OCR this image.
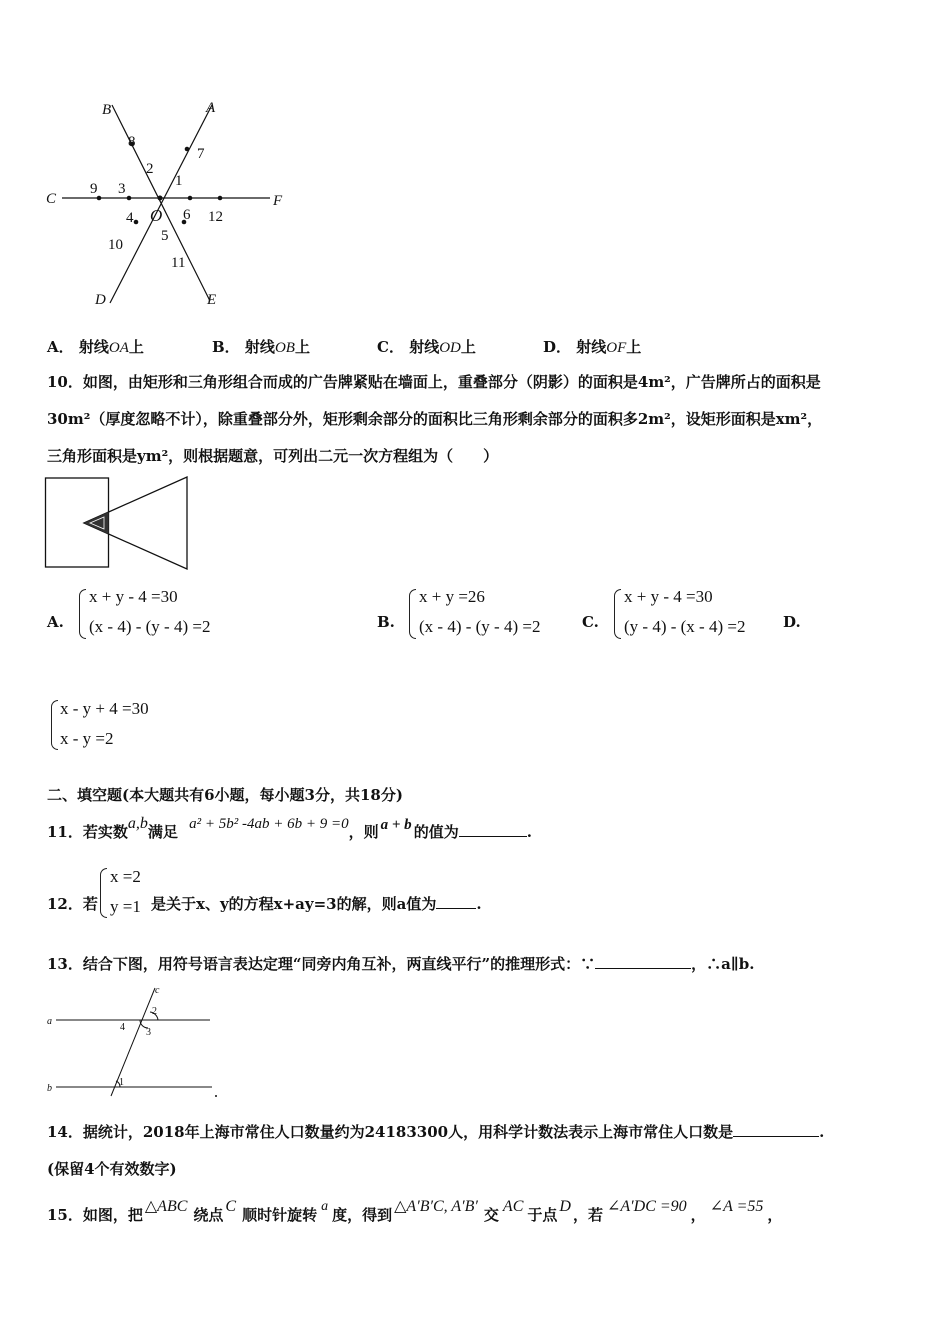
B	A
C	F
D	E
O
1
2
3
4
5
6
7
8
9
10
11
12
A． 射线OA上	B． 射线OB上	C． 射线OD上	D． 射线OF上
10．如图，由矩形和三角形组合而成的广告牌紧贴在墙面上，重叠部分（阴影）的面积是4m²，广告牌所占的面积是
30m²（厚度忽略不计），除重叠部分外，矩形剩余部分的面积比三角形剩余部分的面积多2m²，设矩形面积是xm²，
三角形面积是ym²，则根据题意，可列出二元一次方程组为（　　）
A.
x + y - 4 =30
(x - 4) - (y - 4) =2	B.
x + y =26
(x - 4) - (y - 4) =2	C.
x + y - 4 =30
(y - 4) - (x - 4) =2	D.
x - y + 4 =30
x - y =2
二、填空题(本大题共有6小题，每小题3分，共18分)
11．若实数a,b满足 a² + 5b² -4ab + 6b + 9 =0，则 a + b 的值为	.
12．若
x =2
y =1 是关于x、y的方程x+ay=3的解，则a值为	.
13．结合下图，用符号语言表达定理“同旁内角互补，两直线平行”的推理形式：∵	，∴a∥b.
a
b
c
1
2
3
4
14．据统计，2018年上海市常住人口数量约为24183300人，用科学计数法表示上海市常住人口数是	.
(保留4个有效数字)
15．如图，把 △ABC 绕点 C 顺时针旋转 a 度，得到 △A′B′C, A′B′ 交 AC 于点 D ，若 ∠A′DC =90 ， ∠A =55 ，
